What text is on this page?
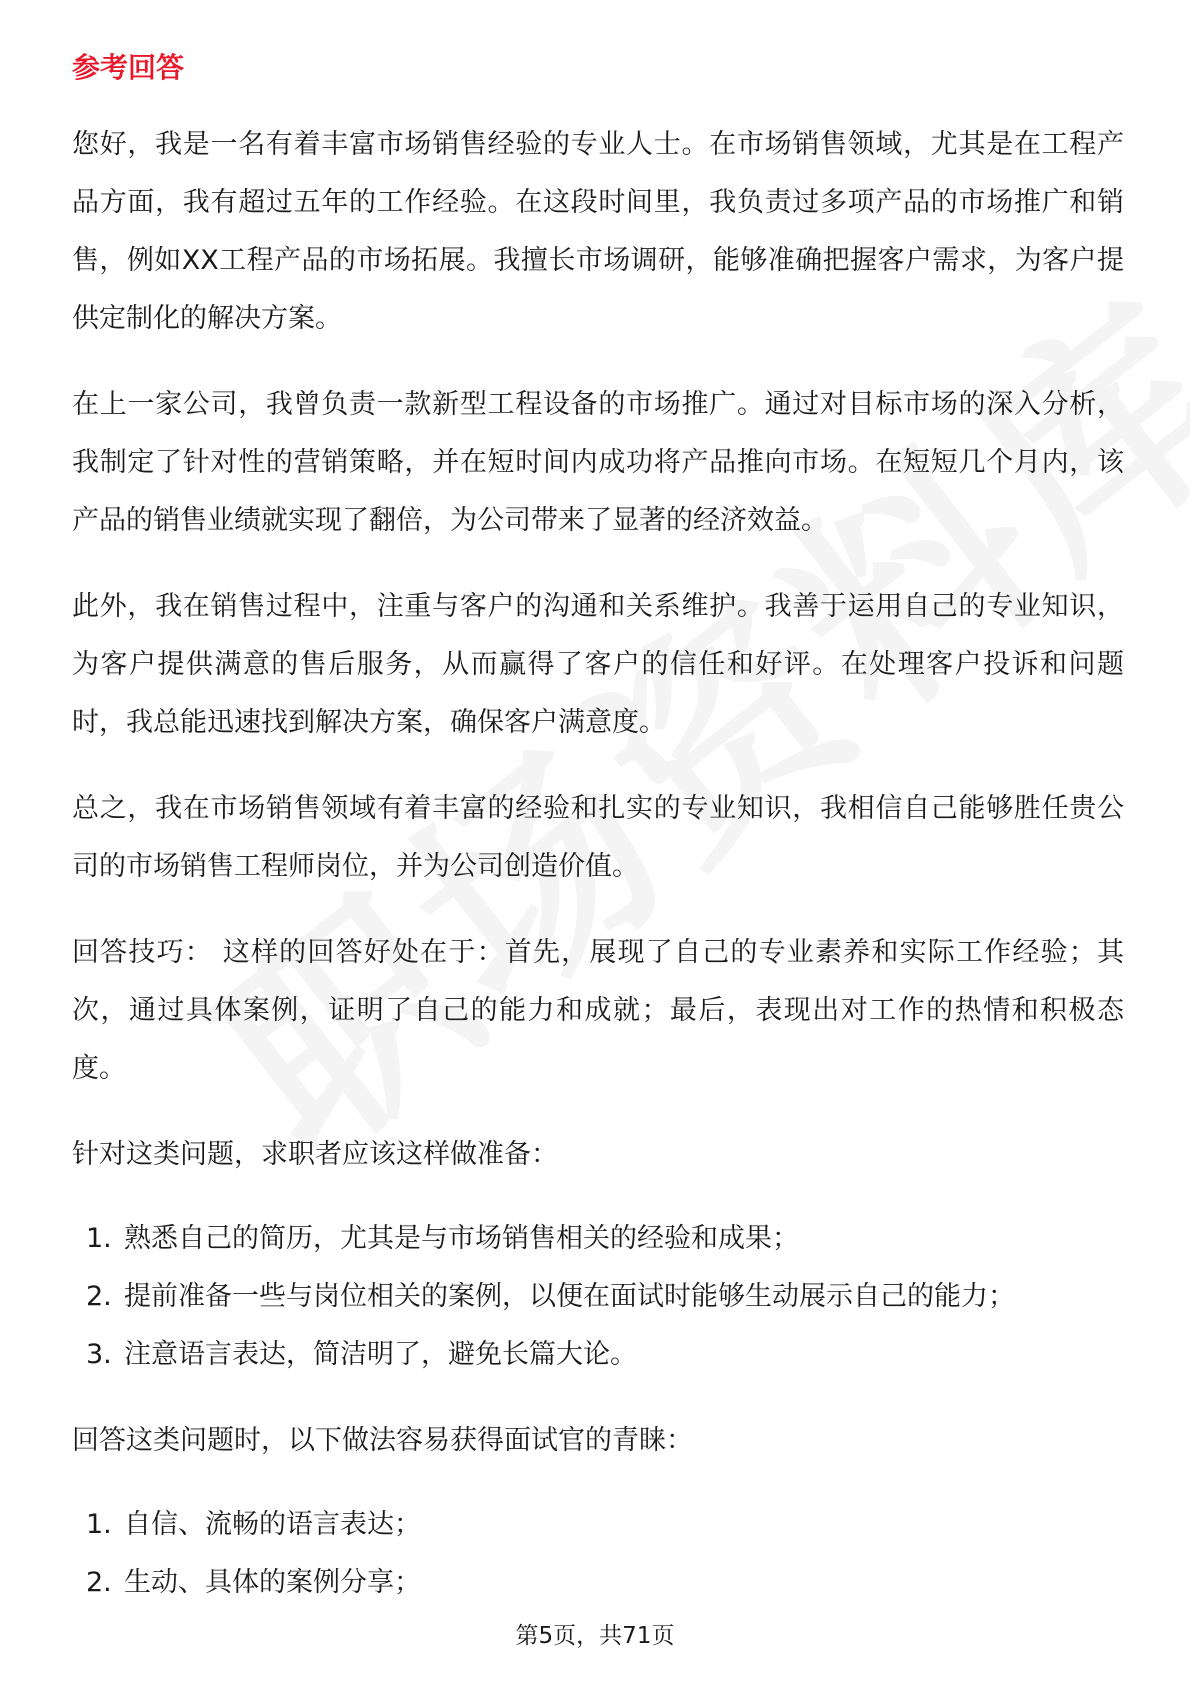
参考回答

您好，我是一名有着丰富市场销售经验的专业人士。在市场销售领域，尤其是在工程产品方面，我有超过五年的工作经验。在这段时间里，我负责过多项产品的市场推广和销售，例如XX工程产品的市场拓展。我擅长市场调研，能够准确把握客户需求，为客户提供定制化的解决方案。

在上一家公司，我曾负责一款新型工程设备的市场推广。通过对目标市场的深入分析，我制定了针对性的营销策略，并在短时间内成功将产品推向市场。在短短几个月内，该产品的销售业绩就实现了翻倍，为公司带来了显著的经济效益。

此外，我在销售过程中，注重与客户的沟通和关系维护。我善于运用自己的专业知识，为客户提供满意的售后服务，从而赢得了客户的信任和好评。在处理客户投诉和问题时，我总能迅速找到解决方案，确保客户满意度。

总之，我在市场销售领域有着丰富的经验和扎实的专业知识，我相信自己能够胜任贵公司的市场销售工程师岗位，并为公司创造价值。

回答技巧： 这样的回答好处在于：首先，展现了自己的专业素养和实际工作经验；其次，通过具体案例，证明了自己的能力和成就；最后，表现出对工作的热情和积极态度。

针对这类问题，求职者应该这样做准备：

1. 熟悉自己的简历，尤其是与市场销售相关的经验和成果；
2. 提前准备一些与岗位相关的案例，以便在面试时能够生动展示自己的能力；
3. 注意语言表达，简洁明了，避免长篇大论。

回答这类问题时，以下做法容易获得面试官的青睐：

1. 自信、流畅的语言表达；
2. 生动、具体的案例分享；
第5页，共71页
